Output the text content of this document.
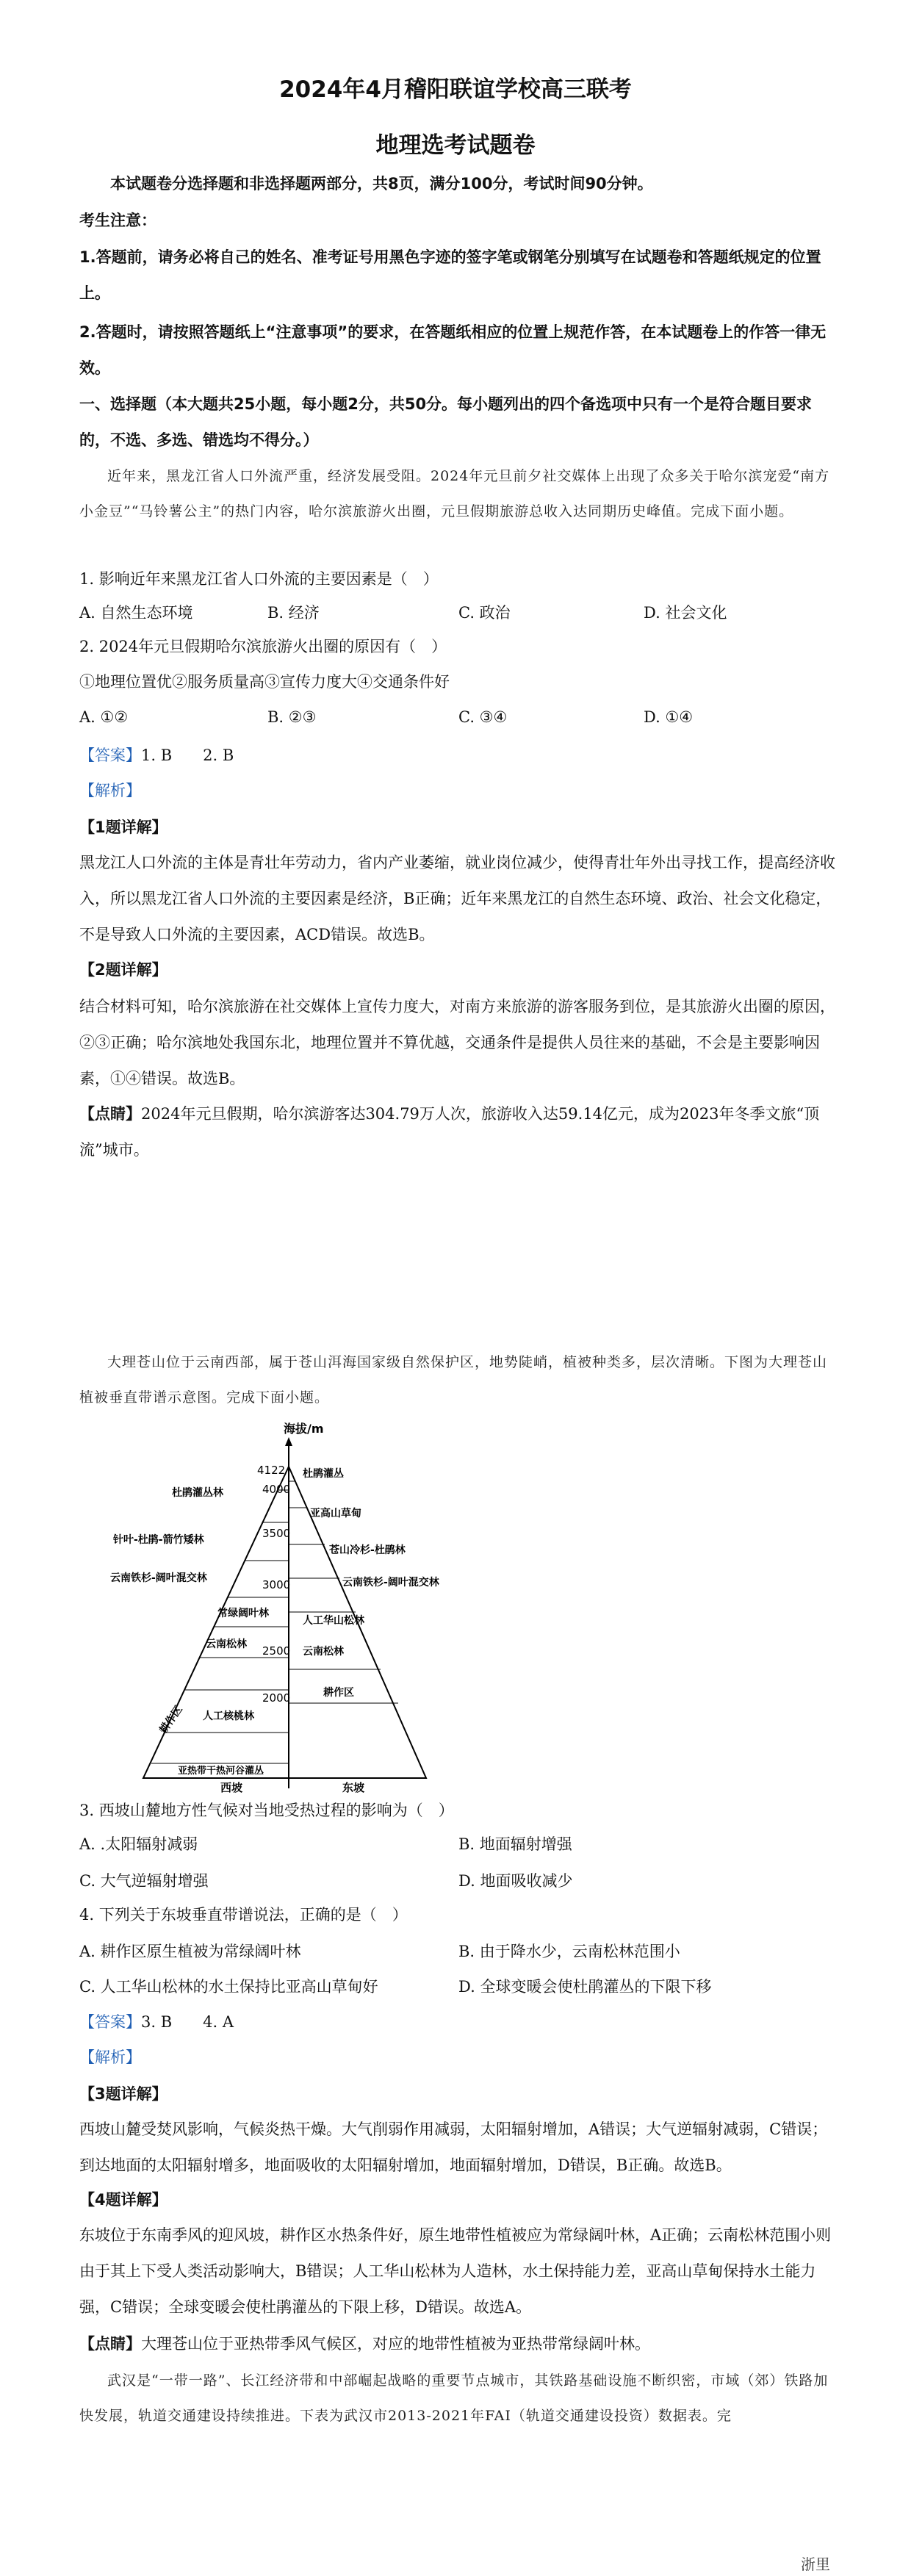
2024年4月稽阳联谊学校高三联考
地理选考试题卷
本试题卷分选择题和非选择题两部分，共8页，满分100分，考试时间90分钟。
考生注意：
1.答题前，请务必将自己的姓名、准考证号用黑色字迹的签字笔或钢笔分别填写在试题卷和答题纸规定的位置上。
2.答题时，请按照答题纸上“注意事项”的要求，在答题纸相应的位置上规范作答，在本试题卷上的作答一律无效。
一、选择题（本大题共25小题，每小题2分，共50分。每小题列出的四个备选项中只有一个是符合题目要求的，不选、多选、错选均不得分。）
近年来，黑龙江省人口外流严重，经济发展受阻。2024年元旦前夕社交媒体上出现了众多关于哈尔滨宠爱“南方小金豆”“马铃薯公主”的热门内容，哈尔滨旅游火出圈，元旦假期旅游总收入达同期历史峰值。完成下面小题。
1. 影响近年来黑龙江省人口外流的主要因素是（　）
A. 自然生态环境	B. 经济	C. 政治	D. 社会文化
2. 2024年元旦假期哈尔滨旅游火出圈的原因有（　）
①地理位置优②服务质量高③宣传力度大④交通条件好
A. ①②	B. ②③	C. ③④	D. ①④
【答案】1. B　　2. B
【解析】
【1题详解】
黑龙江人口外流的主体是青壮年劳动力，省内产业萎缩，就业岗位减少，使得青壮年外出寻找工作，提高经济收入，所以黑龙江省人口外流的主要因素是经济，B正确；近年来黑龙江的自然生态环境、政治、社会文化稳定，不是导致人口外流的主要因素，ACD错误。故选B。
【2题详解】
结合材料可知，哈尔滨旅游在社交媒体上宣传力度大，对南方来旅游的游客服务到位，是其旅游火出圈的原因，②③正确；哈尔滨地处我国东北，地理位置并不算优越，交通条件是提供人员往来的基础，不会是主要影响因素，①④错误。故选B。
【点睛】2024年元旦假期，哈尔滨游客达304.79万人次，旅游收入达59.14亿元，成为2023年冬季文旅“顶流”城市。
大理苍山位于云南西部，属于苍山洱海国家级自然保护区，地势陡峭，植被种类多，层次清晰。下图为大理苍山植被垂直带谱示意图。完成下面小题。
海拔/m
4122
4000
3500
3000
2500
2000
杜鹃灌丛林
针叶-杜鹃-箭竹矮林
云南铁杉-阔叶混交林
常绿阔叶林
云南松林
耕作区 人工核桃林
杜鹃灌丛
亚高山草甸
苍山冷杉-杜鹃林
云南铁杉-阔叶混交林
人工华山松林
云南松林
耕作区
亚热带干热河谷灌丛
西坡	东坡
3. 西坡山麓地方性气候对当地受热过程的影响为（　）
A. .太阳辐射减弱	B. 地面辐射增强
C. 大气逆辐射增强	D. 地面吸收减少
4. 下列关于东坡垂直带谱说法，正确的是（　）
A. 耕作区原生植被为常绿阔叶林	B. 由于降水少，云南松林范围小
C. 人工华山松林的水土保持比亚高山草甸好	D. 全球变暖会使杜鹃灌丛的下限下移
【答案】3. B　　4. A
【解析】
【3题详解】
西坡山麓受焚风影响，气候炎热干燥。大气削弱作用减弱，太阳辐射增加，A错误；大气逆辐射减弱，C错误；到达地面的太阳辐射增多，地面吸收的太阳辐射增加，地面辐射增加，D错误，B正确。故选B。
【4题详解】
东坡位于东南季风的迎风坡，耕作区水热条件好，原生地带性植被应为常绿阔叶林，A正确；云南松林范围小则由于其上下受人类活动影响大，B错误；人工华山松林为人造林，水土保持能力差，亚高山草甸保持水土能力强，C错误；全球变暖会使杜鹃灌丛的下限上移，D错误。故选A。
【点睛】大理苍山位于亚热带季风气候区，对应的地带性植被为亚热带常绿阔叶林。
武汉是“一带一路”、长江经济带和中部崛起战略的重要节点城市，其铁路基础设施不断织密，市域（郊）铁路加快发展，轨道交通建设持续推进。下表为武汉市2013-2021年FAI（轨道交通建设投资）数据表。完
浙里
